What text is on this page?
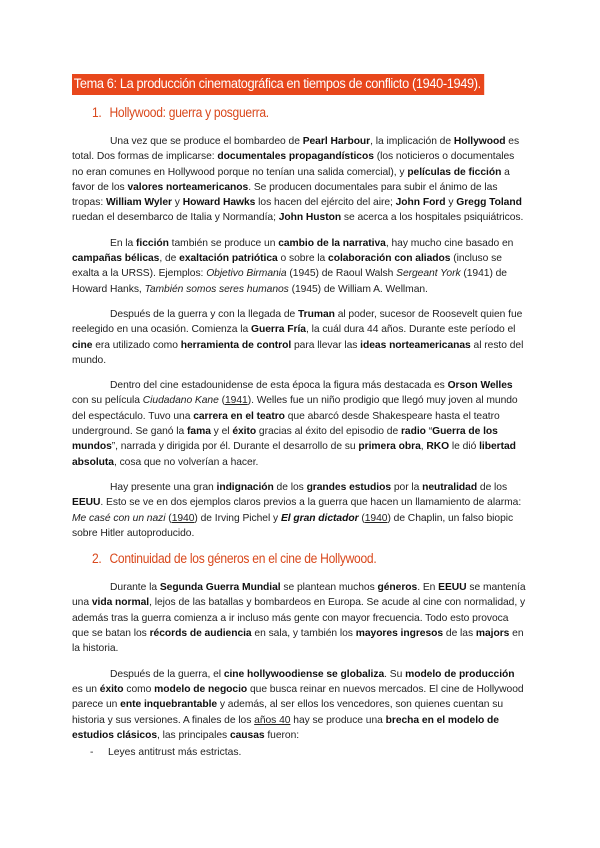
Tema 6: La producción cinematográfica en tiempos de conflicto (1940-1949).
1. Hollywood: guerra y posguerra.

Una vez que se produce el bombardeo de Pearl Harbour, la implicación de Hollywood es total. Dos formas de implicarse: documentales propagandísticos (los noticieros o documentales no eran comunes en Hollywood porque no tenían una salida comercial), y películas de ficción a favor de los valores norteamericanos. Se producen documentales para subir el ánimo de las tropas: William Wyler y Howard Hawks los hacen del ejército del aire; John Ford y Gregg Toland ruedan el desembarco de Italia y Normandía; John Huston se acerca a los hospitales psiquiátricos.

En la ficción también se produce un cambio de la narrativa, hay mucho cine basado en campañas bélicas, de exaltación patriótica o sobre la colaboración con aliados (incluso se exalta a la URSS). Ejemplos: Objetivo Birmania (1945) de Raoul Walsh Sergeant York (1941) de Howard Hanks, También somos seres humanos (1945) de William A. Wellman.

Después de la guerra y con la llegada de Truman al poder, sucesor de Roosevelt quien fue reelegido en una ocasión. Comienza la Guerra Fría, la cuál dura 44 años. Durante este período el cine era utilizado como herramienta de control para llevar las ideas norteamericanas al resto del mundo.

Dentro del cine estadounidense de esta época la figura más destacada es Orson Welles con su película Ciudadano Kane (1941). Welles fue un niño prodigio que llegó muy joven al mundo del espectáculo. Tuvo una carrera en el teatro que abarcó desde Shakespeare hasta el teatro underground. Se ganó la fama y el éxito gracias al éxito del episodio de radio “Guerra de los mundos”, narrada y dirigida por él. Durante el desarrollo de su primera obra, RKO le dió libertad absoluta, cosa que no volverían a hacer.

Hay presente una gran indignación de los grandes estudios por la neutralidad de los EEUU. Esto se ve en dos ejemplos claros previos a la guerra que hacen un llamamiento de alarma: Me casé con un nazi (1940) de Irving Pichel y El gran dictador (1940) de Chaplin, un falso biopic sobre Hitler autoproducido.

2. Continuidad de los géneros en el cine de Hollywood.

Durante la Segunda Guerra Mundial se plantean muchos géneros. En EEUU se mantenía una vida normal, lejos de las batallas y bombardeos en Europa. Se acude al cine con normalidad, y además tras la guerra comienza a ir incluso más gente con mayor frecuencia. Todo esto provoca que se batan los récords de audiencia en sala, y también los mayores ingresos de las majors en la historia.

Después de la guerra, el cine hollywoodiense se globaliza. Su modelo de producción es un éxito como modelo de negocio que busca reinar en nuevos mercados. El cine de Hollywood parece un ente inquebrantable y además, al ser ellos los vencedores, son quienes cuentan su historia y sus versiones. A finales de los años 40 hay se produce una brecha en el modelo de estudios clásicos, las principales causas fueron:

- Leyes antitrust más estrictas.
